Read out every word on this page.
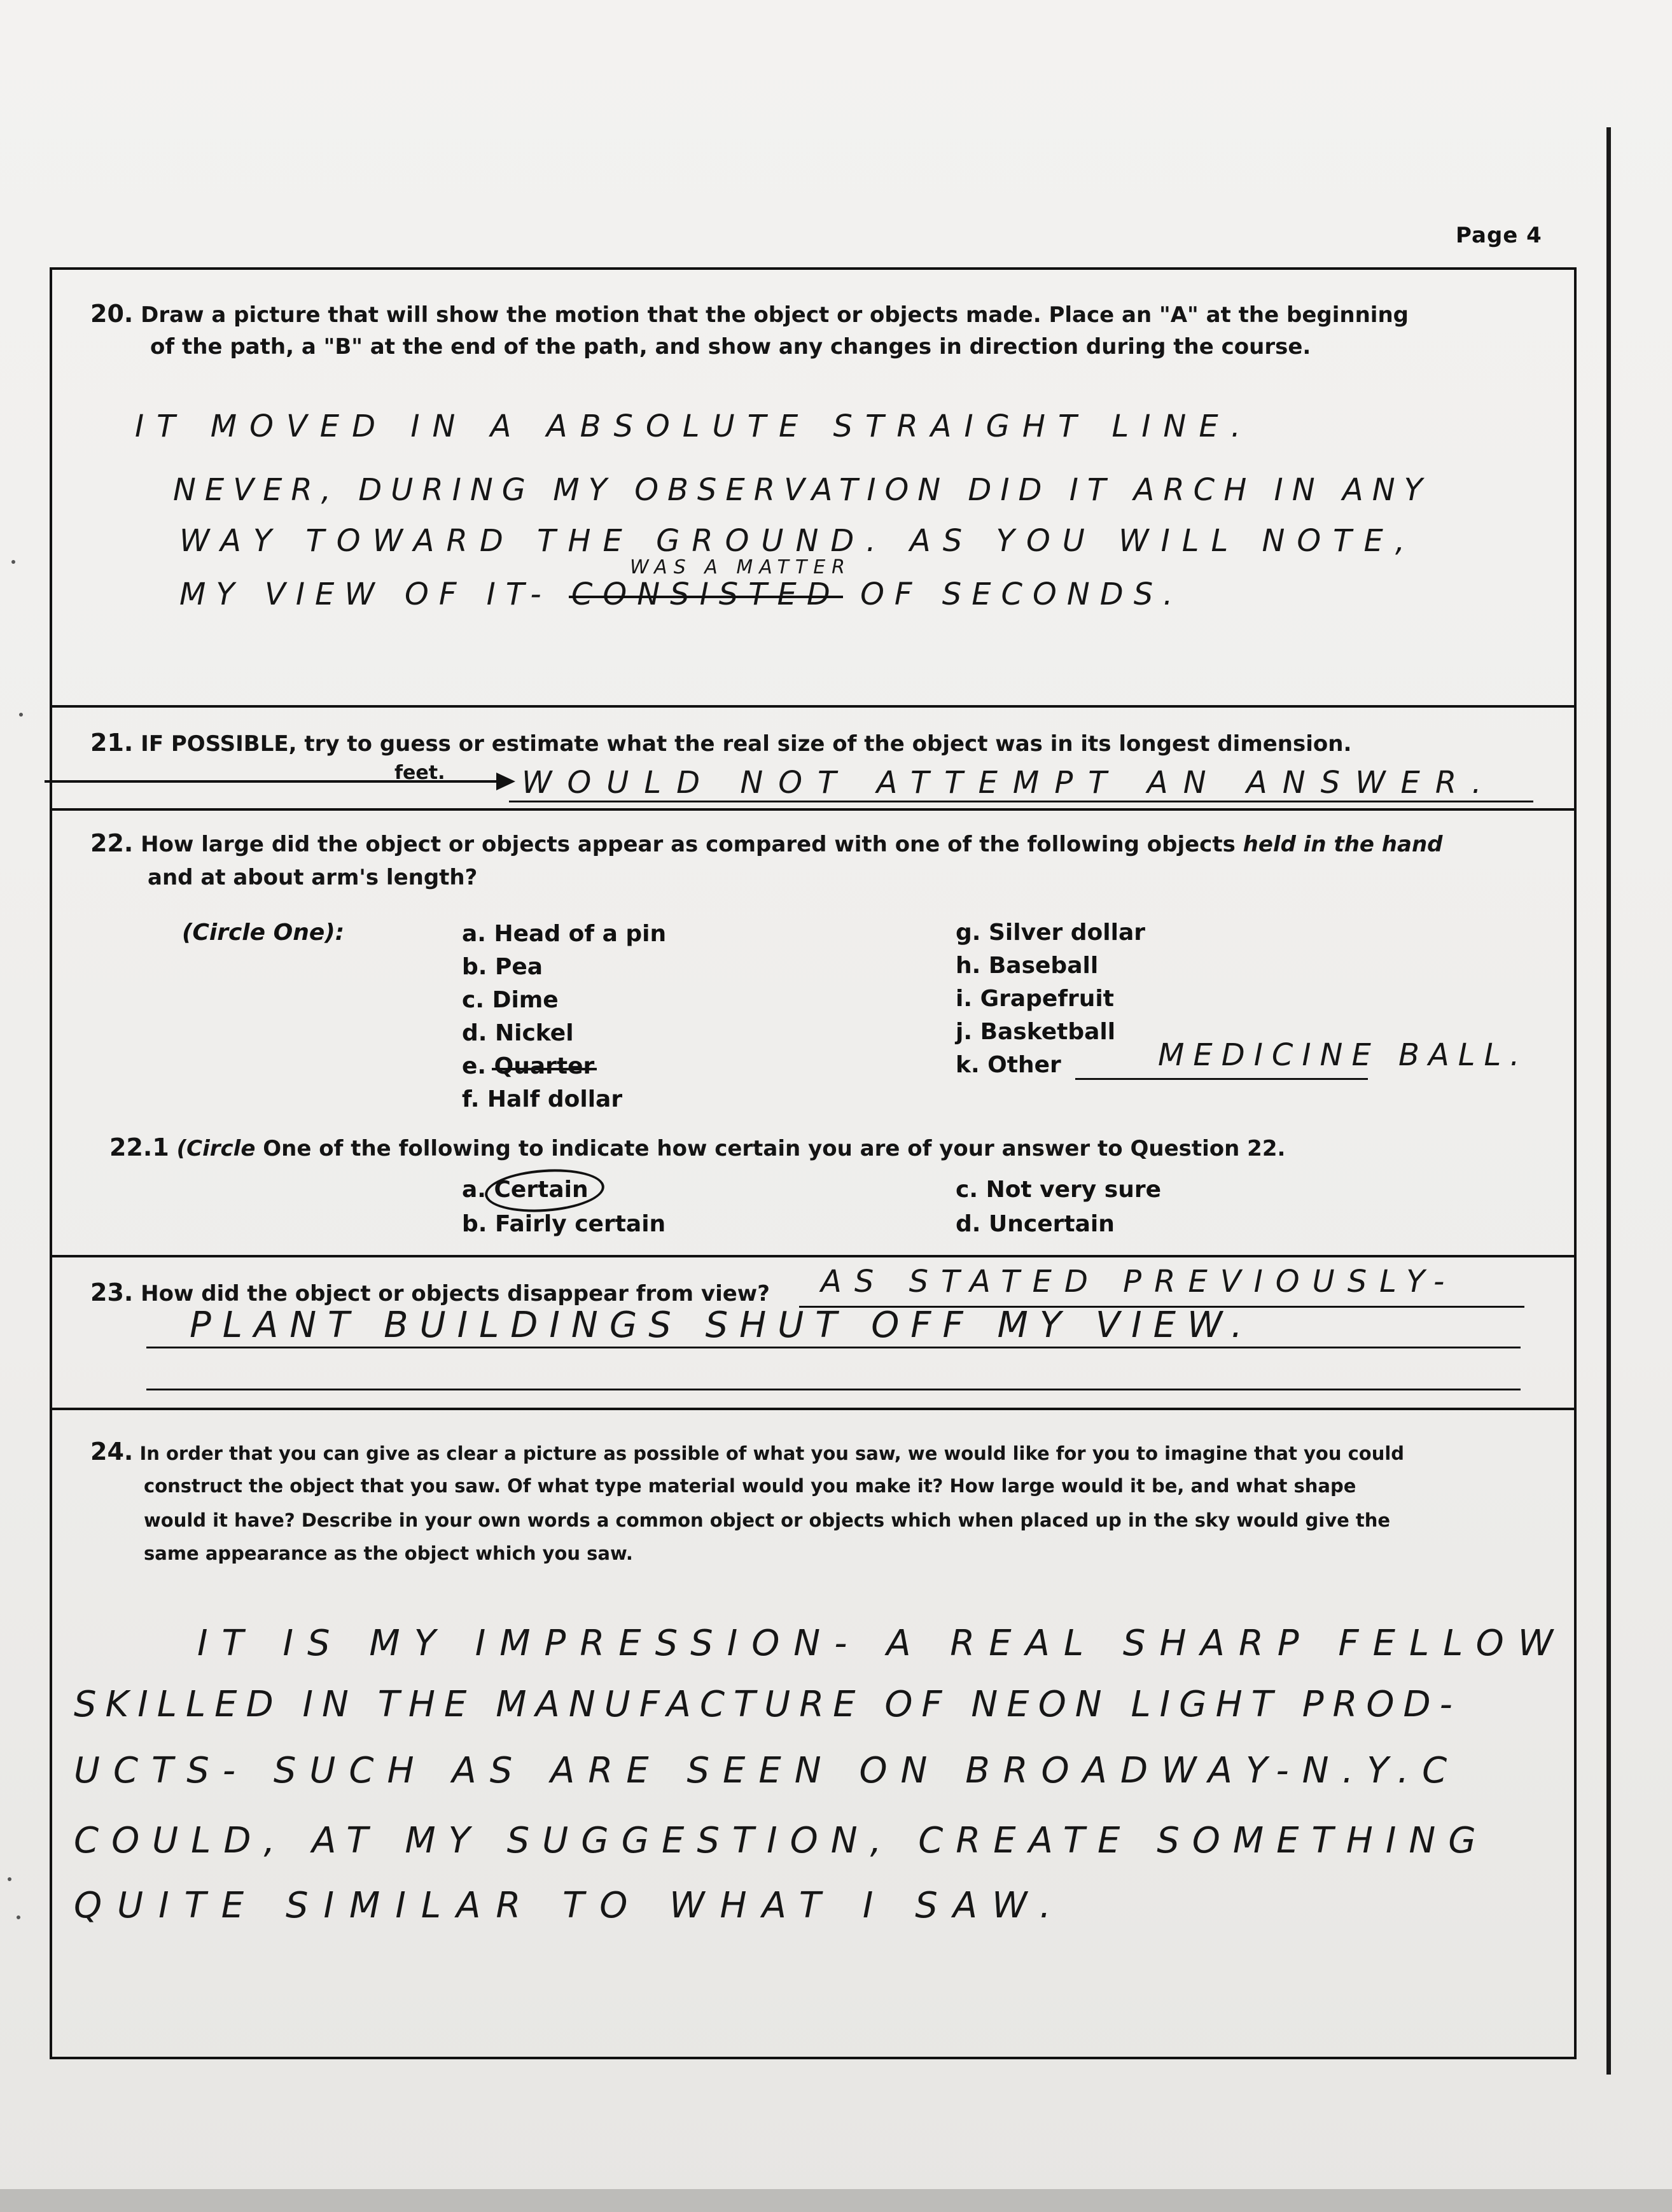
Page 4
20. Draw a picture that will show the motion that the object or objects made. Place an "A" at the beginning
of the path, a "B" at the end of the path, and show any changes in direction during the course.
IT MOVED IN A ABSOLUTE STRAIGHT LINE.
NEVER, DURING MY OBSERVATION DID IT ARCH IN ANY
WAY TOWARD THE GROUND. AS YOU WILL NOTE,
WAS A MATTER
MY VIEW OF IT- CONSISTED OF SECONDS.
21. IF POSSIBLE, try to guess or estimate what the real size of the object was in its longest dimension.
feet.	WOULD NOT ATTEMPT AN ANSWER.
22. How large did the object or objects appear as compared with one of the following objects held in the hand
and at about arm's length?
(Circle One):	a. Head of a pin
b. Pea
c. Dime
d. Nickel
e. Quarter
f. Half dollar
g. Silver dollar
h. Baseball
i. Grapefruit
j. Basketball
k. Other	MEDICINE BALL.
22.1 (Circle One of the following to indicate how certain you are of your answer to Question 22.
a. Certain
b. Fairly certain
c. Not very sure
d. Uncertain
23. How did the object or objects disappear from view? AS STATED PREVIOUSLY-
PLANT BUILDINGS SHUT OFF MY VIEW.
24. In order that you can give as clear a picture as possible of what you saw, we would like for you to imagine that you could
construct the object that you saw. Of what type material would you make it? How large would it be, and what shape
would it have? Describe in your own words a common object or objects which when placed up in the sky would give the
same appearance as the object which you saw.
IT IS MY IMPRESSION- A REAL SHARP FELLOW
SKILLED IN THE MANUFACTURE OF NEON LIGHT PROD-
UCTS- SUCH AS ARE SEEN ON BROADWAY-N.Y.C
COULD, AT MY SUGGESTION, CREATE SOMETHING
QUITE SIMILAR TO WHAT I SAW.
